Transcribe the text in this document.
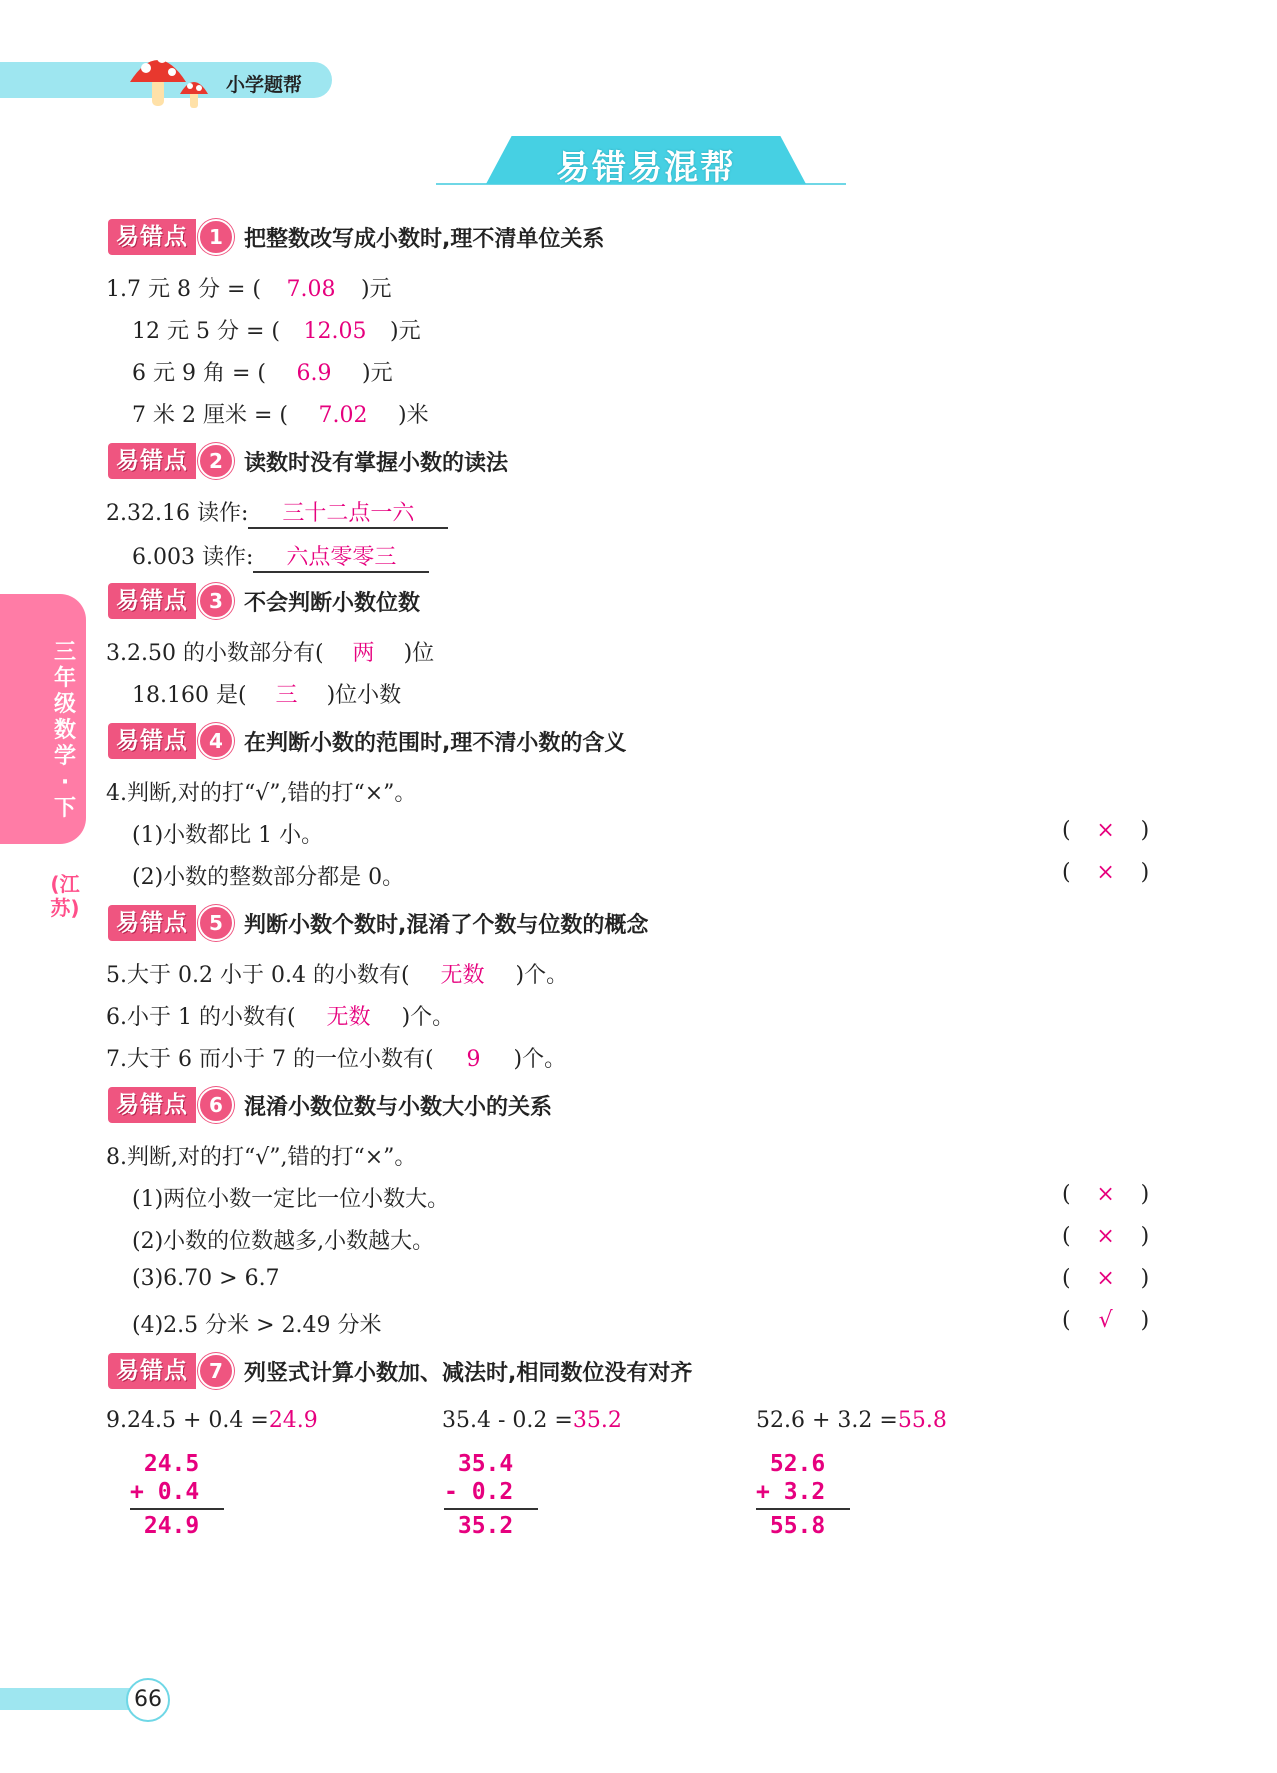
小学题帮
易错易混帮
三年级数学·下
(江苏)
易错点	1 把整数改写成小数时,理不清单位关系
1.7 元 8 分 = ( 7.08 )元
12 元 5 分 = ( 12.05 )元
6 元 9 角 = ( 6.9 )元
7 米 2 厘米 = ( 7.02 )米
易错点	2 读数时没有掌握小数的读法
2.32.16 读作: 三十二点一六
6.003 读作: 六点零零三
易错点	3 不会判断小数位数
3.2.50 的小数部分有( 两 )位
18.160 是( 三 )位小数
易错点	4 在判断小数的范围时,理不清小数的含义
4.判断,对的打“√”,错的打“×”。
(1)小数都比 1 小。	( × )
(2)小数的整数部分都是 0。	( × )
易错点	5 判断小数个数时,混淆了个数与位数的概念
5.大于 0.2 小于 0.4 的小数有( 无数 )个。
6.小于 1 的小数有( 无数 )个。
7.大于 6 而小于 7 的一位小数有( 9 )个。
易错点	6 混淆小数位数与小数大小的关系
8.判断,对的打“√”,错的打“×”。
(1)两位小数一定比一位小数大。	( × )
(2)小数的位数越多,小数越大。	( × )
(3)6.70 > 6.7	( × )
(4)2.5 分米 > 2.49 分米	( √ )
易错点	7 列竖式计算小数加、减法时,相同数位没有对齐
9.24.5 + 0.4 =24.9	35.4 - 0.2 =35.2	52.6 + 3.2 =55.8
24.5
+ 0.4
24.9
35.4
- 0.2
35.2
52.6
+ 3.2
55.8
66
